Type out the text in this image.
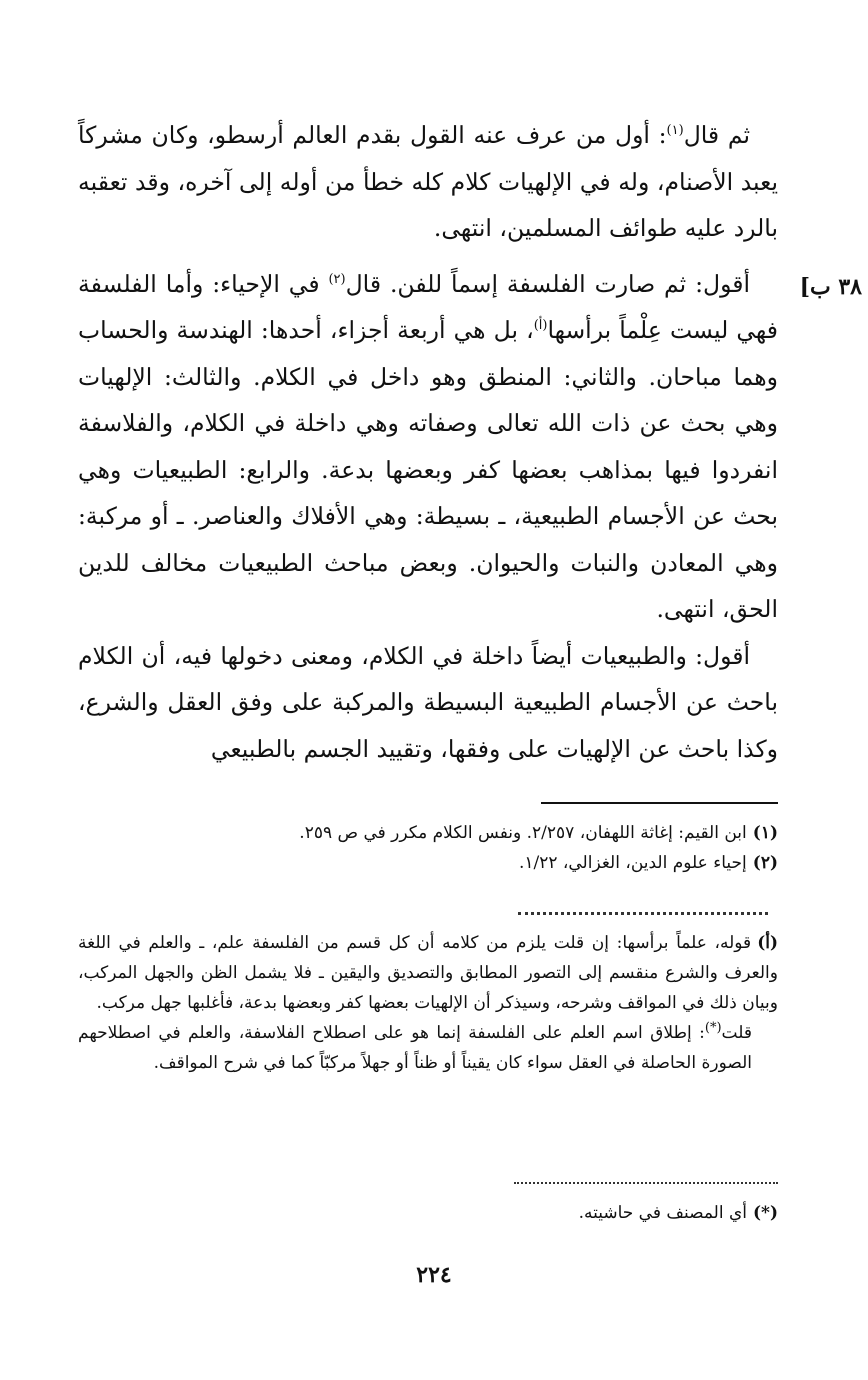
٣٨ ب]

ثم قال$^{(١)}$: أول من عرف عنه القول بقدم العالم أرسطو، وكان مشركاً يعبد الأصنام، وله في الإلهيات كلام كله خطأ من أوله إلى آخره، وقد تعقبه بالرد عليه طوائف المسلمين، انتهى.

أقول: ثم صارت الفلسفة إسماً للفن. قال$^{(٢)}$ في الإحياء: وأما الفلسفة فهي ليست عِلْماً برأسها$^{(أ)}$، بل هي أربعة أجزاء، أحدها: الهندسة والحساب وهما مباحان. والثاني: المنطق وهو داخل في الكلام. والثالث: الإلهيات وهي بحث عن ذات الله تعالى وصفاته وهي داخلة في الكلام، والفلاسفة انفردوا فيها بمذاهب بعضها كفر وبعضها بدعة. والرابع: الطبيعيات وهي بحث عن الأجسام الطبيعية، ـ بسيطة: وهي الأفلاك والعناصر. ـ أو مركبة: وهي المعادن والنبات والحيوان. وبعض مباحث الطبيعيات مخالف للدين الحق، انتهى.

أقول: والطبيعيات أيضاً داخلة في الكلام، ومعنى دخولها فيه، أن الكلام باحث عن الأجسام الطبيعية البسيطة والمركبة على وفق العقل والشرع، وكذا باحث عن الإلهيات على وفقها، وتقييد الجسم بالطبيعي

(١)ابن القيم: إغاثة اللهفان، ٢/٢٥٧. ونفس الكلام مكرر في ص ٢٥٩.

(٢)إحياء علوم الدين، الغزالي، ١/٢٢.

(أ)قوله، علماً برأسها: إن قلت يلزم من كلامه أن كل قسم من الفلسفة علم، ـ والعلم في اللغة والعرف والشرع منقسم إلى التصور المطابق والتصديق واليقين ـ فلا يشمل الظن والجهل المركب، وبيان ذلك في المواقف وشرحه، وسيذكر أن الإلهيات بعضها كفر وبعضها بدعة، فأغلبها جهل مركب.

قلت(*): إطلاق اسم العلم على الفلسفة إنما هو على اصطلاح الفلاسفة، والعلم في اصطلاحهم الصورة الحاصلة في العقل سواء كان يقيناً أو ظناً أو جهلاً مركبّاً كما في شرح المواقف.

(*)أي المصنف في حاشيته.
٢٢٤
